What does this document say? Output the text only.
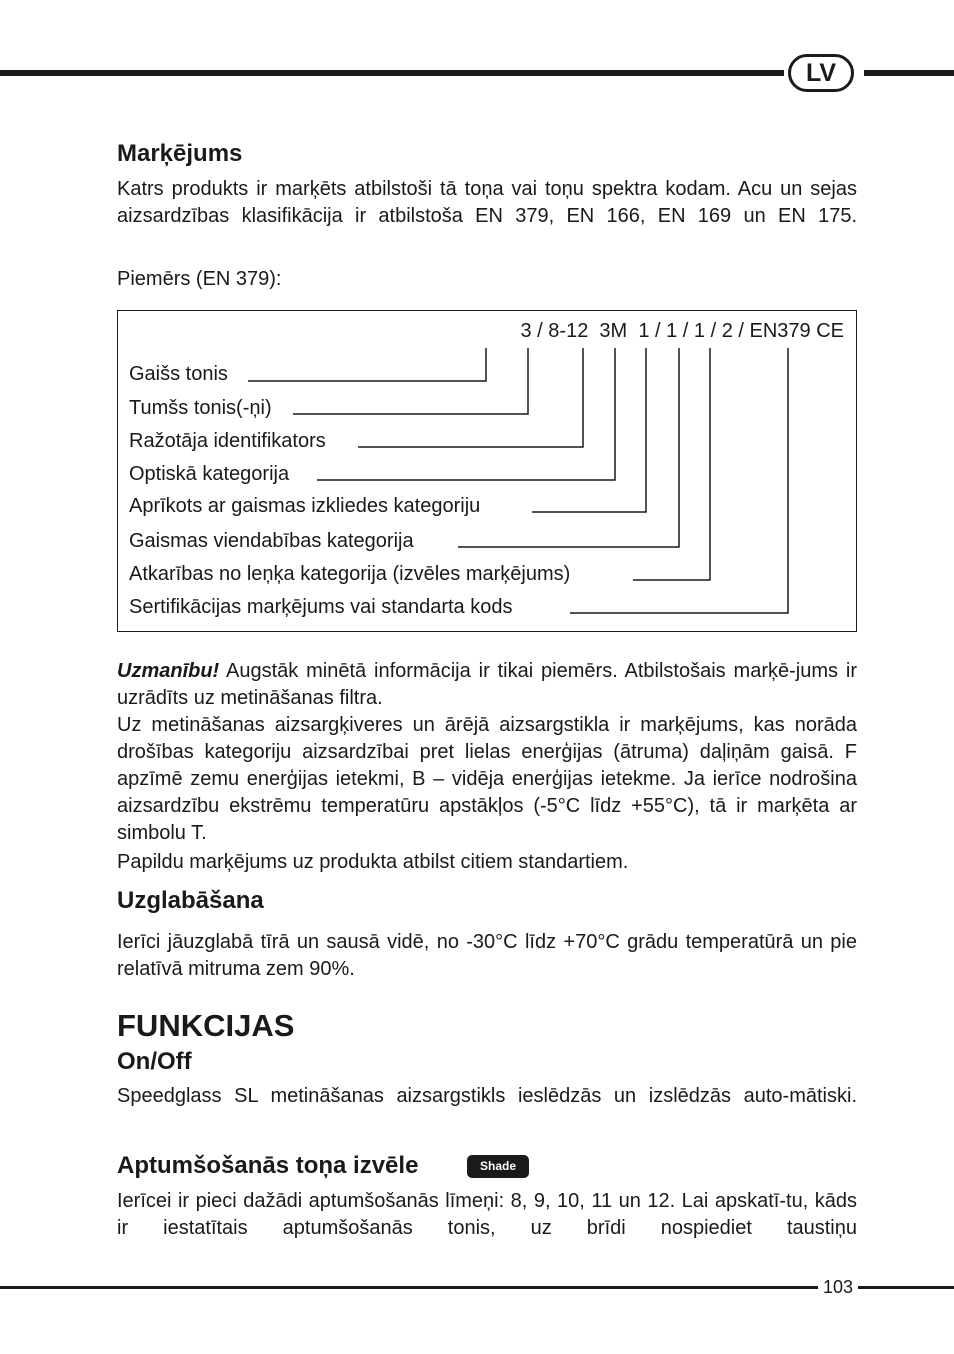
LV
Marķējums

Katrs produkts ir marķēts atbilstoši tā toņa vai toņu spektra kodam. Acu un sejas aizsardzības klasifikācija ir atbilstoša EN 379, EN 166, EN 169 un EN 175.

Piemērs (EN 379):

3 / 8-12  3M  1 / 1 / 1 / 2 / EN379 CE
Gaišs tonis
Tumšs tonis(-ņi)
Ražotāja identifikators
Optiskā kategorija
Aprīkots ar gaismas izkliedes kategoriju
Gaismas viendabības kategorija
Atkarības no leņķa kategorija (izvēles marķējums)
Sertifikācijas marķējums vai standarta kods

Uzmanību! Augstāk minētā informācija ir tikai piemērs. Atbilstošais marķē-jums ir uzrādīts uz metināšanas filtra.

Uz metināšanas aizsargķiveres un ārējā aizsargstikla ir marķējums, kas norāda drošības kategoriju aizsardzībai pret lielas enerģijas (ātruma) daļiņām gaisā. F apzīmē zemu enerģijas ietekmi, B – vidēja enerģijas ietekme. Ja ierīce nodrošina aizsardzību ekstrēmu temperatūru apstākļos (-5°C līdz +55°C), tā ir marķēta ar simbolu T.

Papildu marķējums uz produkta atbilst citiem standartiem.

Uzglabāšana

Ierīci jāuzglabā tīrā un sausā vidē, no -30°C līdz +70°C grādu temperatūrā un pie relatīvā mitruma zem 90%.

FUNKCIJAS
On/Off

Speedglass SL metināšanas aizsargstikls ieslēdzās un izslēdzās auto-mātiski.

Aptumšošanās toņa izvēle	Shade

Ierīcei ir pieci dažādi aptumšošanās līmeņi: 8, 9, 10, 11 un 12. Lai apskatī-tu, kāds ir iestatītais aptumšošanās tonis, uz brīdi nospiediet taustiņu

103
